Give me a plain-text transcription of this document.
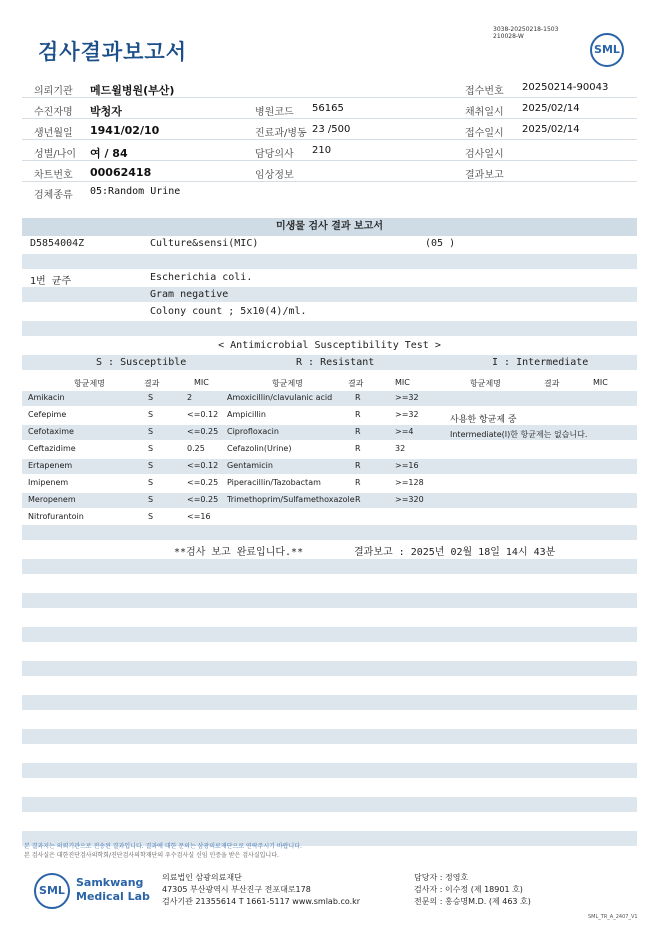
검사결과보고서
3038-20250218-1503
210028-W
SML
의뢰기관 메드윌병원(부산)	접수번호 20250214-90043
수진자명 박청자	병원코드 56165	채취일시 2025/02/14
생년월일 1941/02/10	진료과/병동 23 /500	접수일시 2025/02/14
성별/나이 여 / 84	담당의사 210	검사일시
차트번호 00062418	임상정보	결과보고
검체종류 05:Random Urine
미생물 검사 결과 보고서
D5854004Z	Culture&sensi(MIC)	(05 )
1번 균주	Escherichia coli.
Gram negative
Colony count ; 5x10(4)/ml.
< Antimicrobial Susceptibility Test >
S : Susceptible	R : Resistant	I : Intermediate
항균제명	결과	MIC	항균제명	결과	MIC	항균제명	결과	MIC
Amikacin	S	2	Amoxicillin/clavulanic acid	R	>=32
Cefepime	S	<=0.12 Ampicillin	R	>=32
Cefotaxime	S	<=0.25 Ciprofloxacin	R	>=4
Ceftazidime	S	0.25	Cefazolin(Urine)	R	32
Ertapenem	S	<=0.12 Gentamicin	R	>=16
Imipenem	S	<=0.25 Piperacillin/Tazobactam	R	>=128
Meropenem	S	<=0.25 Trimethoprim/Sulfamethoxazole R	>=320
Nitrofurantoin	S	<=16
사용한 항균제 중
Intermediate(I)한 항균제는 없습니다.
**검사 보고 완료입니다.**	결과보고 : 2025년 02월 18일 14시 43분
본 결과지는 의뢰기관으로 전송된 결과입니다. 결과에 대한 문의는 삼광의료재단으로 연락주시기 바랍니다.
본 검사실은 대한진단검사의학회/진단검사의학재단의 우수검사실 신임 인증을 받은 검사실입니다.
SML
Samkwang
Medical Lab
의료법인 삼광의료재단
47305 부산광역시 부산진구 전포대로178
검사기관 21355614 T 1661-5117 www.smlab.co.kr
담당자 : 정영호
검사자 : 이수정 (제 18901 호)
전문의 : 홍승명M.D. (제 463 호)
SML_TR_A_2407_V1
